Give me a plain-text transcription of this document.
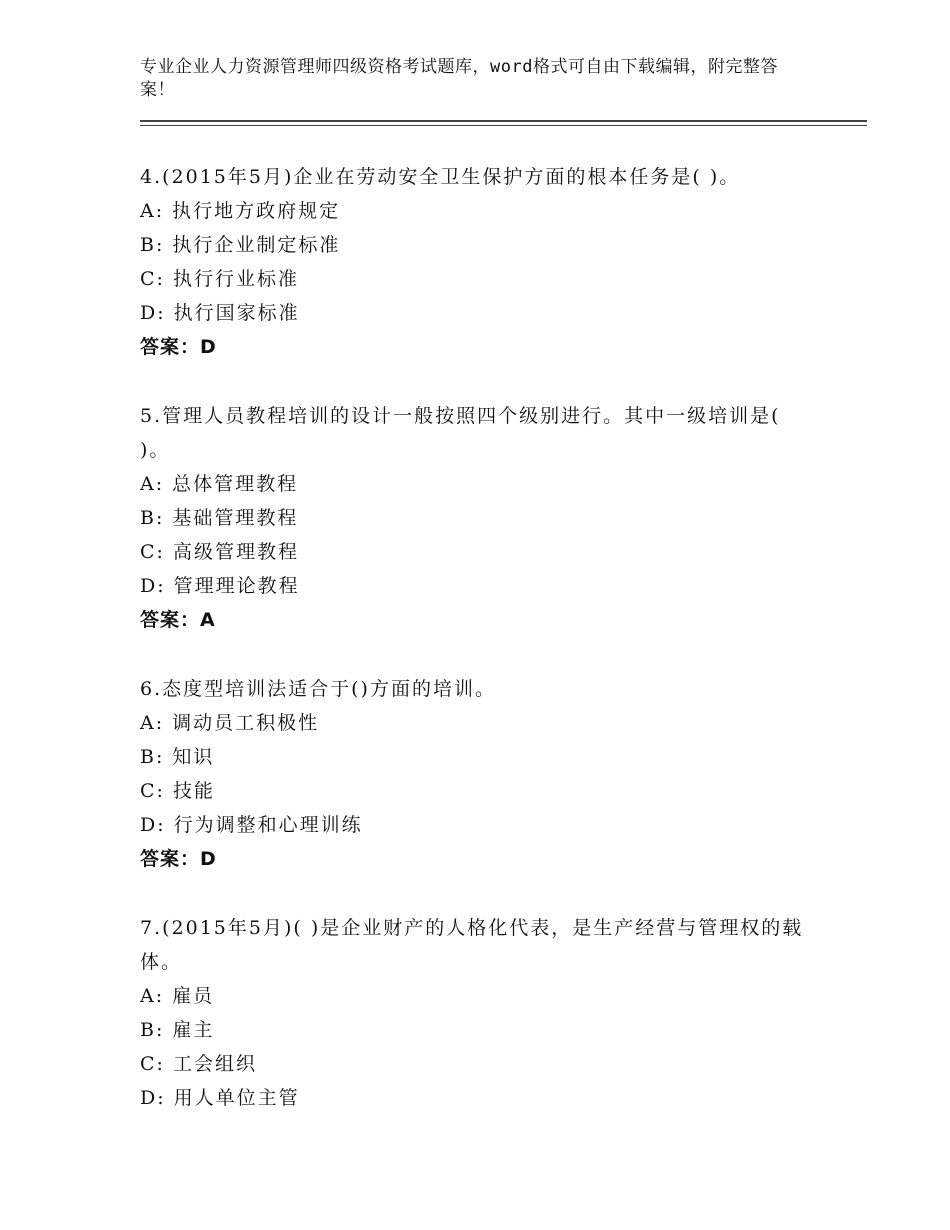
专业企业人力资源管理师四级资格考试题库，word格式可自由下载编辑，附完整答案！
4.(2015年5月)企业在劳动安全卫生保护方面的根本任务是( )。
A: 执行地方政府规定
B: 执行企业制定标准
C: 执行行业标准
D: 执行国家标准
答案：D
5.管理人员教程培训的设计一般按照四个级别进行。其中一级培训是( )。
A: 总体管理教程
B: 基础管理教程
C: 高级管理教程
D: 管理理论教程
答案：A
6.态度型培训法适合于()方面的培训。
A: 调动员工积极性
B: 知识
C: 技能
D: 行为调整和心理训练
答案：D
7.(2015年5月)( )是企业财产的人格化代表，是生产经营与管理权的载体。
A: 雇员
B: 雇主
C: 工会组织
D: 用人单位主管
